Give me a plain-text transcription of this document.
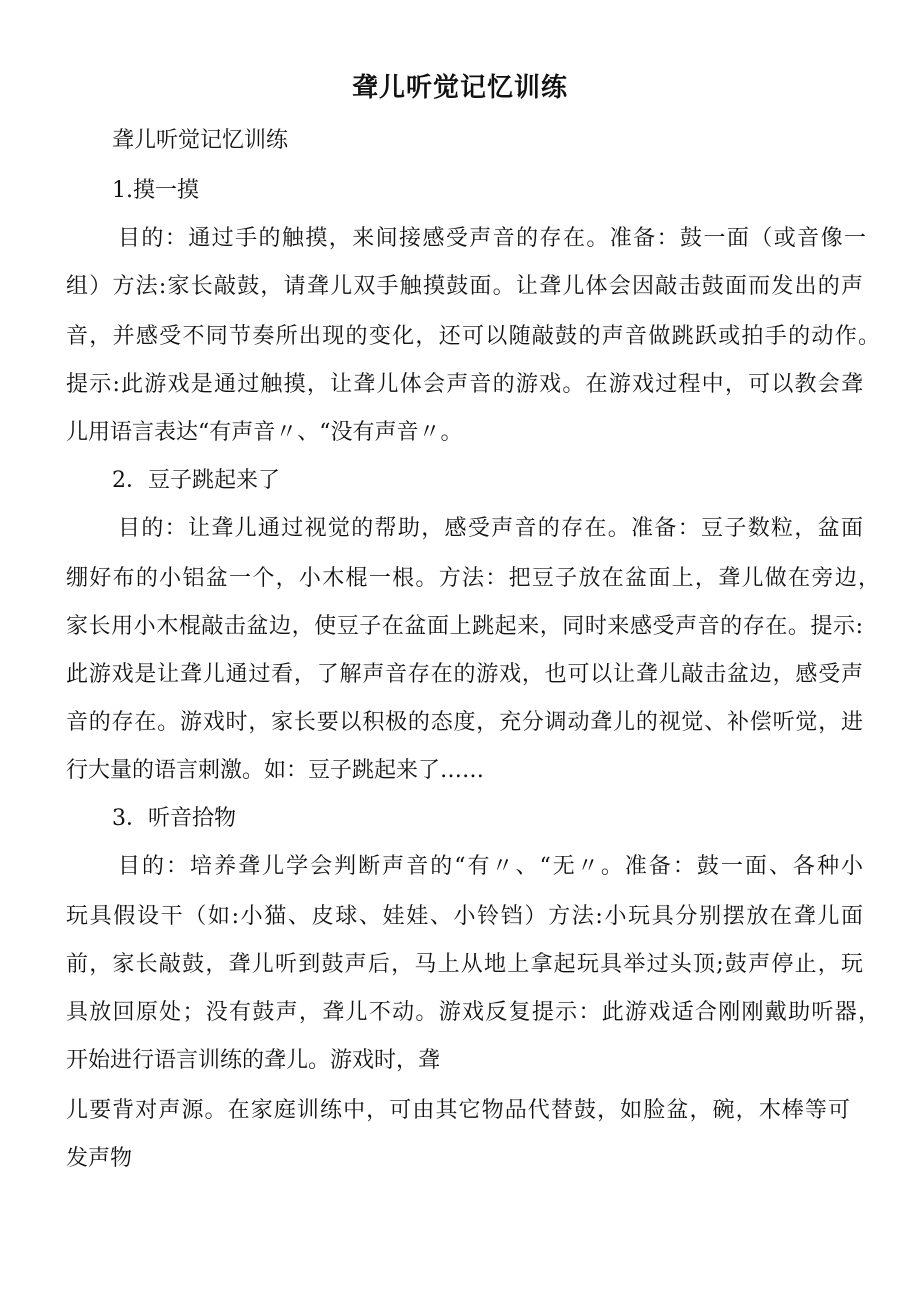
聋儿听觉记忆训练
聋儿听觉记忆训练
1.摸一摸
目的：通过手的触摸，来间接感受声音的存在。准备：鼓一面（或音像一
组）方法:家长敲鼓，请聋儿双手触摸鼓面。让聋儿体会因敲击鼓面而发出的声
音，并感受不同节奏所出现的变化，还可以随敲鼓的声音做跳跃或拍手的动作。
提示:此游戏是通过触摸，让聋儿体会声音的游戏。在游戏过程中，可以教会聋
儿用语言表达“有声音〃、“没有声音〃。
2．豆子跳起来了
目的：让聋儿通过视觉的帮助，感受声音的存在。准备：豆子数粒，盆面
绷好布的小铝盆一个，小木棍一根。方法：把豆子放在盆面上，聋儿做在旁边，
家长用小木棍敲击盆边，使豆子在盆面上跳起来，同时来感受声音的存在。提示:
此游戏是让聋儿通过看，了解声音存在的游戏，也可以让聋儿敲击盆边，感受声
音的存在。游戏时，家长要以积极的态度，充分调动聋儿的视觉、补偿听觉，进
行大量的语言刺激。如：豆子跳起来了……
3．听音拾物
目的：培养聋儿学会判断声音的“有〃、“无〃。准备：鼓一面、各种小
玩具假设干（如:小猫、皮球、娃娃、小铃铛）方法:小玩具分别摆放在聋儿面
前，家长敲鼓，聋儿听到鼓声后，马上从地上拿起玩具举过头顶;鼓声停止，玩
具放回原处；没有鼓声，聋儿不动。游戏反复提示：此游戏适合刚刚戴助听器，
开始进行语言训练的聋儿。游戏时，聋
儿要背对声源。在家庭训练中，可由其它物品代替鼓，如脸盆，碗，木棒等可
发声物
